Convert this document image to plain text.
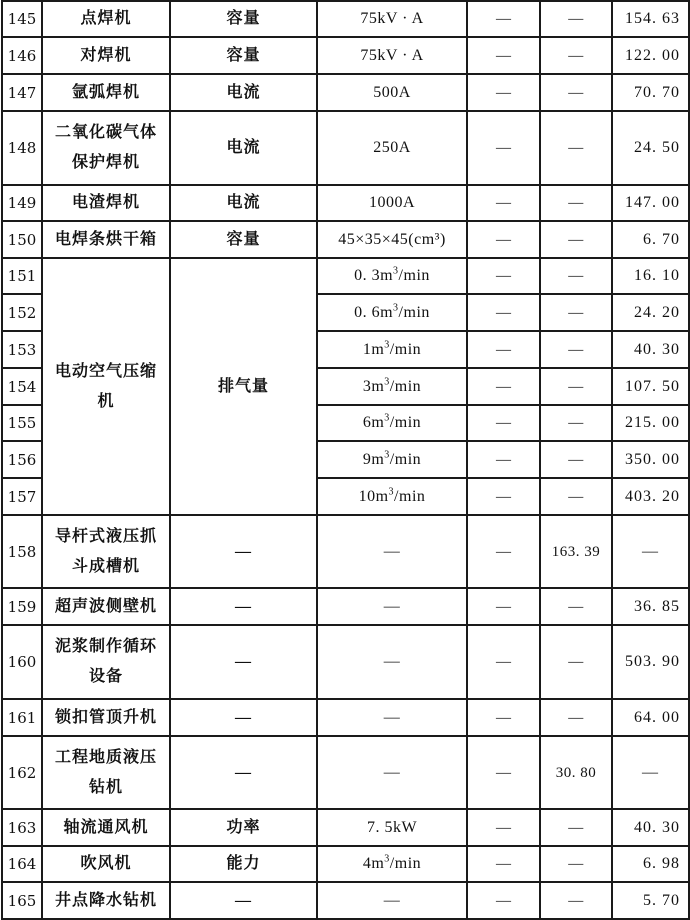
145	点焊机	容量	75kV · A	—	—	154. 63
146	对焊机	容量	75kV · A	—	—	122. 00
147	氩弧焊机	电流	500A	—	—	70. 70
148	二氧化碳气体保护焊机	电流	250A	—	—	24. 50
149	电渣焊机	电流	1000A	—	—	147. 00
150	电焊条烘干箱	容量	45×35×45(cm³)	—	—	6. 70
151	电动空气压缩机	排气量	0. $3m^3/\min$	—	—	16. 10
152			0. $6m^3/\min$	—	—	24. 20
153			$1m^3/\min$	—	—	40. 30
154			$3m^3/\min$	—	—	107. 50
155			$6m^3/\min$	—	—	215. 00
156			$9m^3/\min$	—	—	350. 00
157			$10m^3/\min$	—	—	403. 20
158	导杆式液压抓斗成槽机	—	—	—	163. 39	—
159	超声波侧壁机	—	—	—	—	36. 85
160	泥浆制作循环设备	—	—	—	—	503. 90
161	锁扣管顶升机	—	—	—	—	64. 00
162	工程地质液压钻机	—	—	—	30. 80	—
163	轴流通风机	功率	7. 5kW	—	—	40. 30
164	吹风机	能力	$4m^3/\min$	—	—	6. 98
165	井点降水钻机	—	—	—	—	5. 70
